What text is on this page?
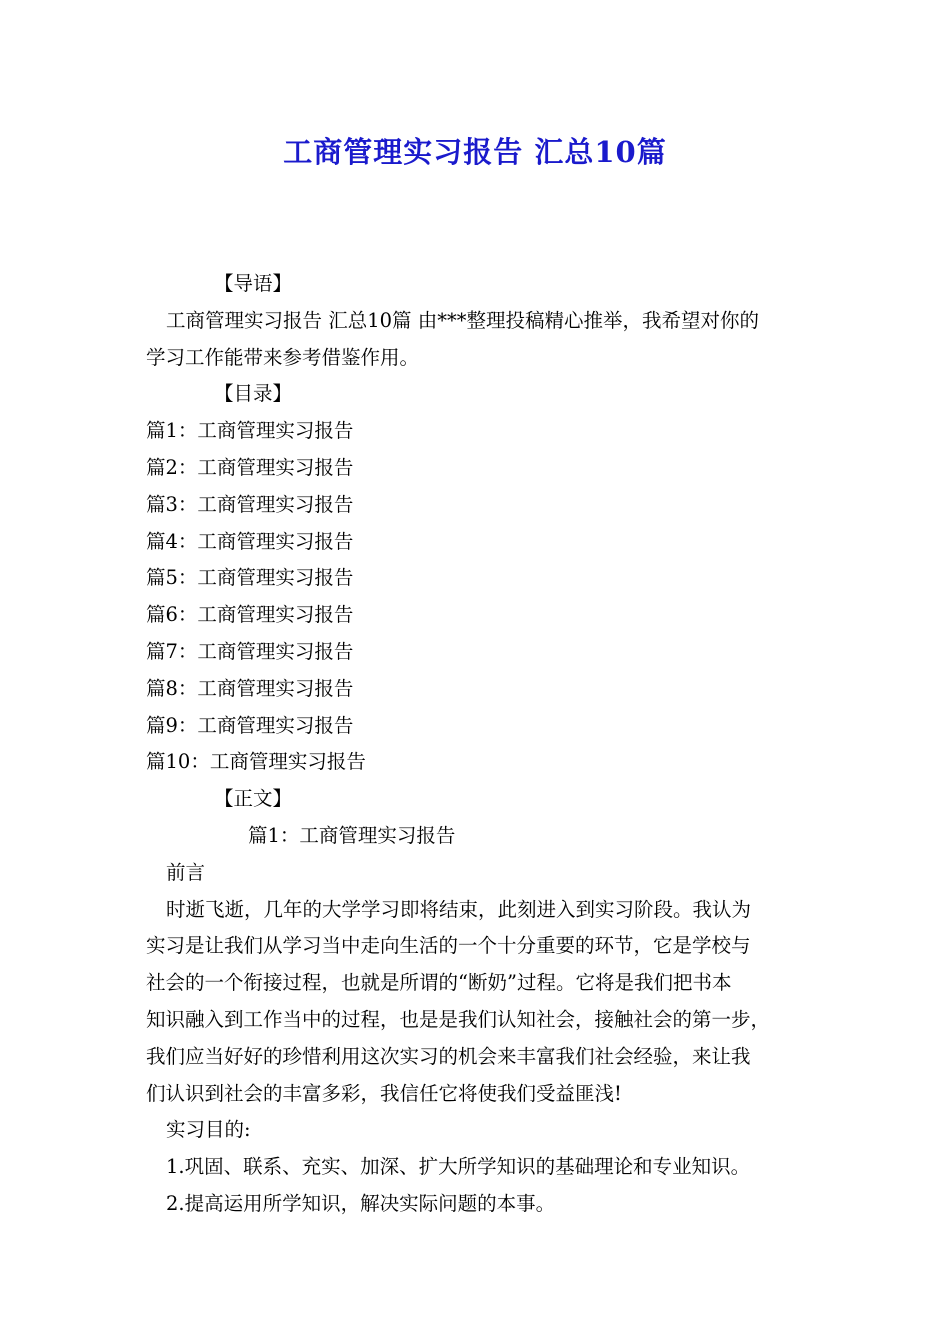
工商管理实习报告 汇总10篇
【导语】
工商管理实习报告 汇总10篇 由***整理投稿精心推举，我希望对你的
学习工作能带来参考借鉴作用。
【目录】
篇1：工商管理实习报告
篇2：工商管理实习报告
篇3：工商管理实习报告
篇4：工商管理实习报告
篇5：工商管理实习报告
篇6：工商管理实习报告
篇7：工商管理实习报告
篇8：工商管理实习报告
篇9：工商管理实习报告
篇10：工商管理实习报告
【正文】
篇1：工商管理实习报告
前言
时逝飞逝，几年的大学学习即将结束，此刻进入到实习阶段。我认为
实习是让我们从学习当中走向生活的一个十分重要的环节，它是学校与
社会的一个衔接过程，也就是所谓的“断奶”过程。它将是我们把书本
知识融入到工作当中的过程，也是是我们认知社会，接触社会的第一步，
我们应当好好的珍惜利用这次实习的机会来丰富我们社会经验，来让我
们认识到社会的丰富多彩，我信任它将使我们受益匪浅!
实习目的:
1.巩固、联系、充实、加深、扩大所学知识的基础理论和专业知识。
2.提高运用所学知识，解决实际问题的本事。
